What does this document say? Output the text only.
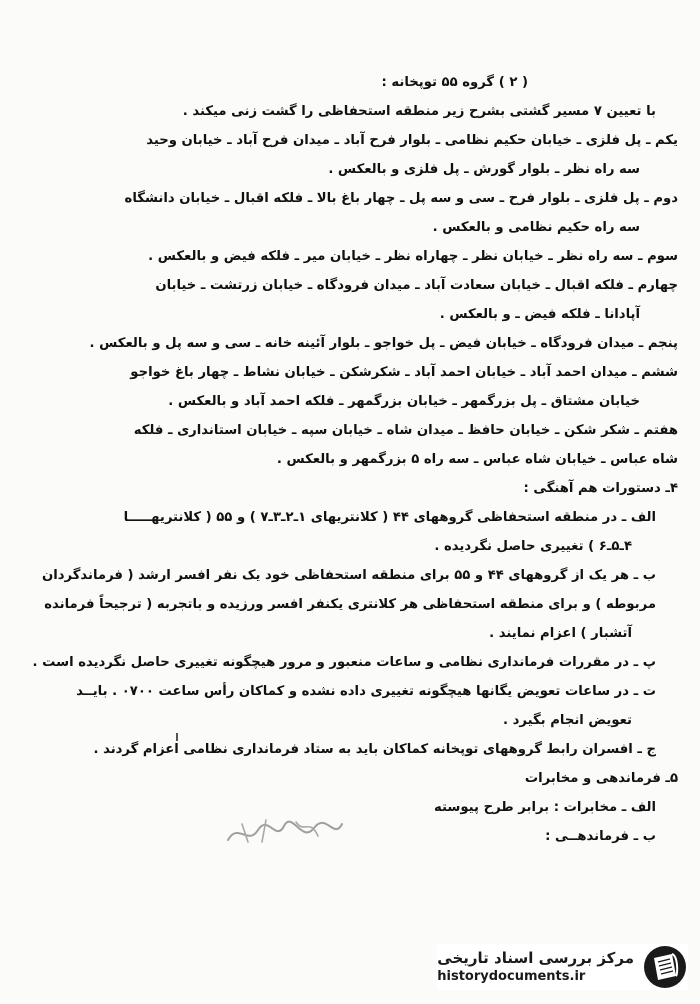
( ۲ ) گروه ۵۵ توپخانه :
با تعیین ۷ مسیر گشتی بشرح زیر منطقه استحفاظی را گشت زنی میکند .
یکم ـ پل فلزی ـ خیابان حکیم نظامی ـ بلوار فرح آباد ـ میدان فرح آباد ـ خیابان وحید
سه راه نظر ـ بلوار گورش ـ پل فلزی و بالعکس .
دوم ـ پل فلزی ـ بلوار فرح ـ سی و سه پل ـ چهار باغ بالا ـ فلکه اقبال ـ خیابان دانشگاه
سه راه حکیم نظامی و بالعکس .
سوم ـ سه راه نظر ـ خیابان نظر ـ چهاراه نظر ـ خیابان میر ـ فلکه فیض و بالعکس .
چهارم ـ فلکه اقبال ـ خیابان سعادت آباد ـ میدان فرودگاه ـ خیابان زرتشت ـ خیابان
آپادانا ـ فلکه فیض ـ و بالعکس .
پنجم ـ میدان فرودگاه ـ خیابان فیض ـ پل خواجو ـ بلوار آئینه خانه ـ سی و سه پل و بالعکس .
ششم ـ میدان احمد آباد ـ خیابان احمد آباد ـ شکرشکن ـ خیابان نشاط ـ چهار باغ خواجو
خیابان مشتاق ـ پل بزرگمهر ـ خیابان بزرگمهر ـ فلکه احمد آباد و بالعکس .
هفتم ـ شکر شکن ـ خیابان حافظ ـ میدان شاه ـ خیابان سپه ـ خیابان استانداری ـ فلکه
شاه عباس ـ خیابان شاه عباس ـ سه راه ۵ بزرگمهر و بالعکس .
۴ـ دستورات هم آهنگی :
الف ـ در منطقه استحفاظی گروههای ۴۴ ( کلانتریهای ۱ـ۲ـ۳ـ۷ ) و ۵۵ ( کلانتریهـــــا
۴ـ۵ـ۶ ) تغییری حاصل نگردیده .
ب ـ هر یک از گروههای ۴۴ و ۵۵ برای منطقه استحفاظی خود یک نفر افسر ارشد ( فرماندگردان
مربوطه ) و برای منطقه استحفاظی هر کلانتری یکنفر افسر ورزیده و باتجربه ( ترجیحاً فرمانده
آتشبار ) اعزام نمایند .
پ ـ در مقررات فرمانداری نظامی و ساعات منعبور و مرور هیچگونه تغییری حاصل نگردیده است .
ت ـ در ساعات تعویض یگانها هیچگونه تغییری داده نشده و کماکان رأس ساعت ۰۷۰۰ . بایــد
تعویض انجام بگیرد .
ج ـ افسران رابط گروههای توپخانه کماکان باید به ستاد فرمانداری نظامی اعزام گردند .
۵ـ فرماندهی و مخابرات
الف ـ مخابرات : برابر طرح پیوسته
ب ـ فرماندهــی :
مرکز بررسی اسناد تاریخی
historydocuments.ir
